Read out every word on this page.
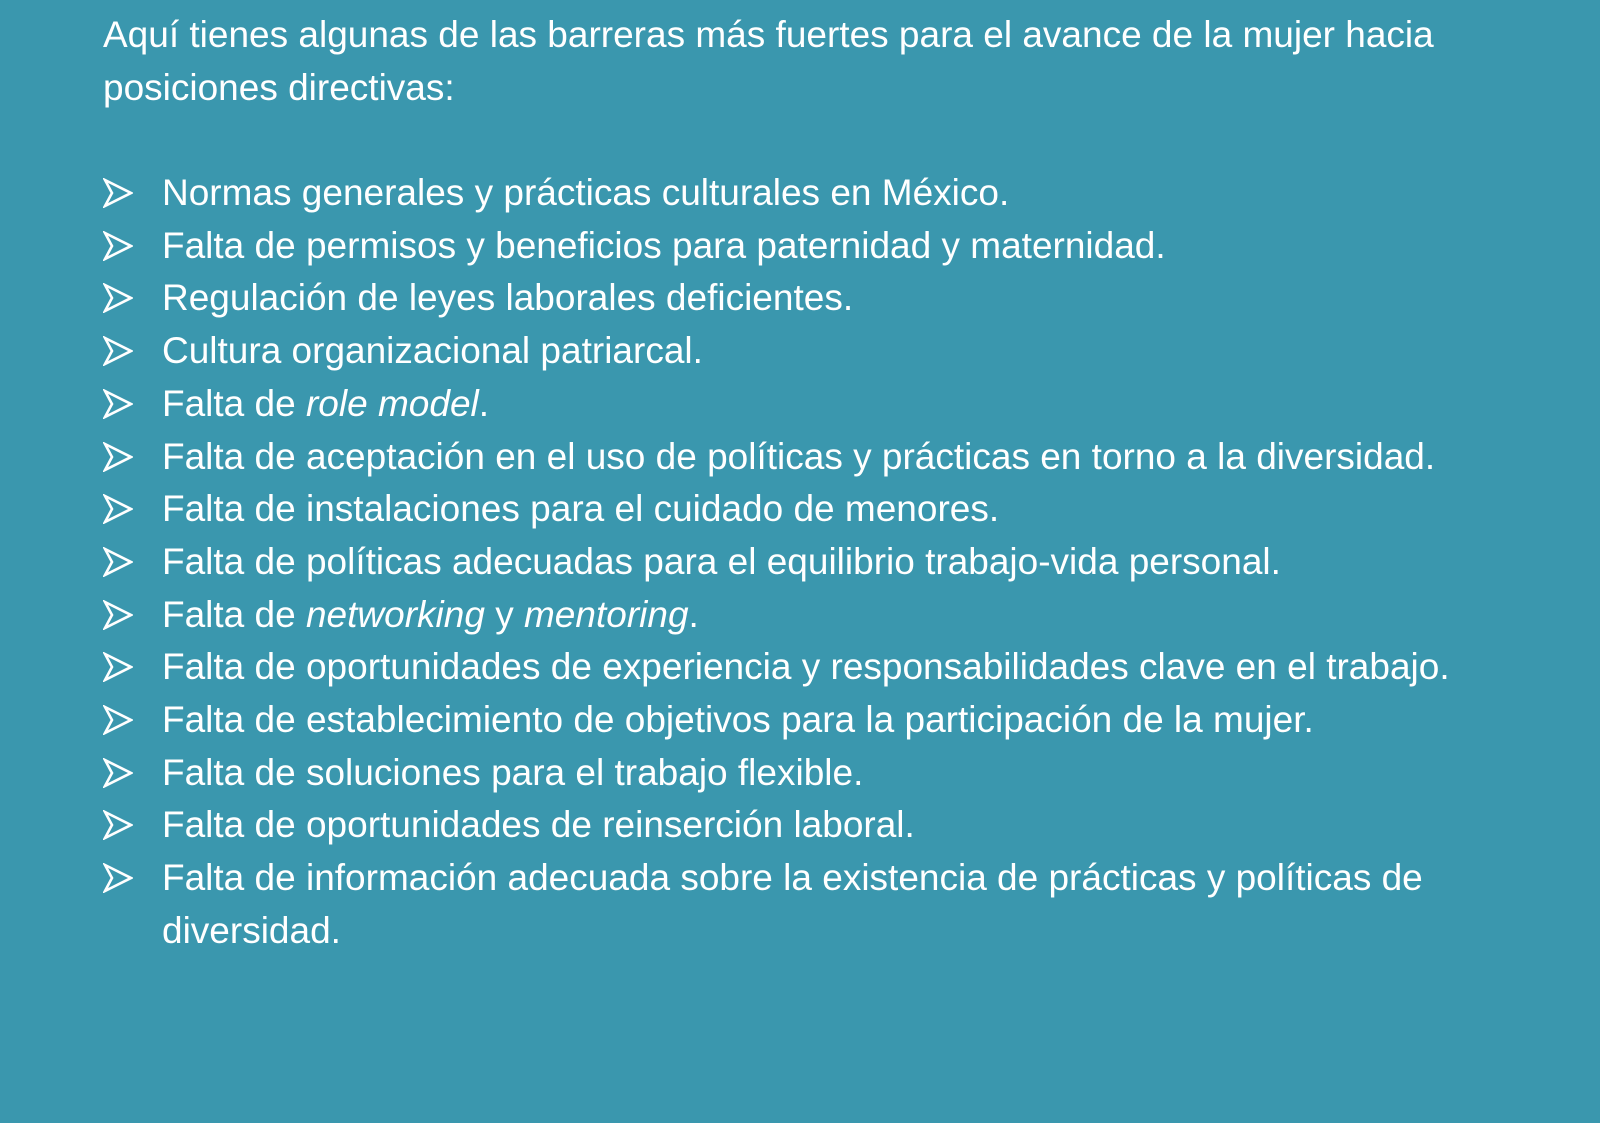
Aquí tienes algunas de las barreras más fuertes para el avance de la mujer hacia posiciones directivas:

Normas generales y prácticas culturales en México.
Falta de permisos y beneficios para paternidad y maternidad.
Regulación de leyes laborales deficientes.
Cultura organizacional patriarcal.
Falta de role model.
Falta de aceptación en el uso de políticas y prácticas en torno a la diversidad.
Falta de instalaciones para el cuidado de menores.
Falta de políticas adecuadas para el equilibrio trabajo-vida personal.
Falta de networking y mentoring.
Falta de oportunidades de experiencia y responsabilidades clave en el trabajo.
Falta de establecimiento de objetivos para la participación de la mujer.
Falta de soluciones para el trabajo flexible.
Falta de oportunidades de reinserción laboral.
Falta de información adecuada sobre la existencia de prácticas y políticas de diversidad.
